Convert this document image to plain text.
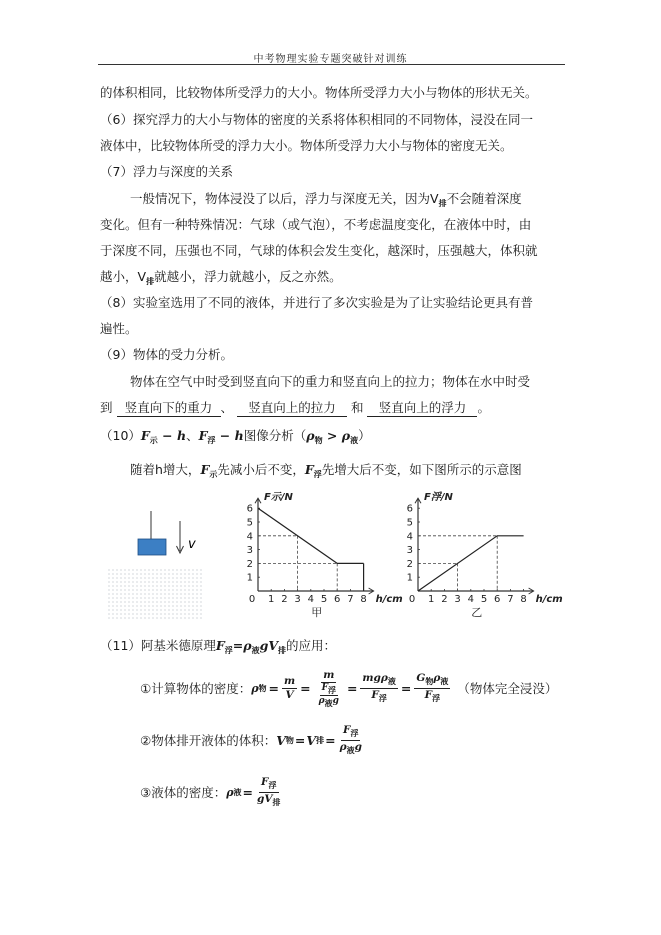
中考物理实验专题突破针对训练
的体积相同，比较物体所受浮力的大小。物体所受浮力大小与物体的形状无关。
（6）探究浮力的大小与物体的密度的关系将体积相同的不同物体，浸没在同一
液体中，比较物体所受的浮力大小。物体所受浮力大小与物体的密度无关。
（7）浮力与深度的关系
一般情况下，物体浸没了以后，浮力与深度无关，因为$V_排$不会随着深度
变化。但有一种特殊情况：气球（或气泡），不考虑温度变化，在液体中时，由
于深度不同，压强也不同，气球的体积会发生变化，越深时，压强越大，体积就
越小，$V_排$就越小，浮力就越小，反之亦然。
（8）实验室选用了不同的液体，并进行了多次实验是为了让实验结论更具有普
遍性。
（9）物体的受力分析。
物体在空气中时受到竖直向下的重力和竖直向上的拉力；物体在水中时受
到 竖直向下的重力 、 竖直向上的拉力 和 竖直向上的浮力 。
$(10)F_示 - h$、$F_浮 - h$图像分析$(\rho_物 > \rho_液)$
随着h增大，$F_示$先减小后不变，$F_浮$先增大后不变，如下图所示的示意图
v
0 1 2 3 4 5 6 7 8
1
2
3
4
5
6
F示/N
h/cm
甲
0 1 2 3 4 5 6 7 8
1
2
3
4
5
6
F浮/N
h/cm
乙
（11）阿基米德原理$F_浮=\rho_液gV_排$的应用：
①计算物体的密度： ρ 物 = $\frac{m}{V} = \frac{m}{\frac{F_浮}{\rho_液g}} = \frac{mg\rho_液}{F_浮} = \frac{G_物\rho_液}{F_浮}$ （物体完全浸没）
②物体排开液体的体积： V 物 = V 排 = $\frac{F_浮}{\rho_液g}$
③液体的密度： ρ 液 = $\frac{F_浮}{gV_排}$
